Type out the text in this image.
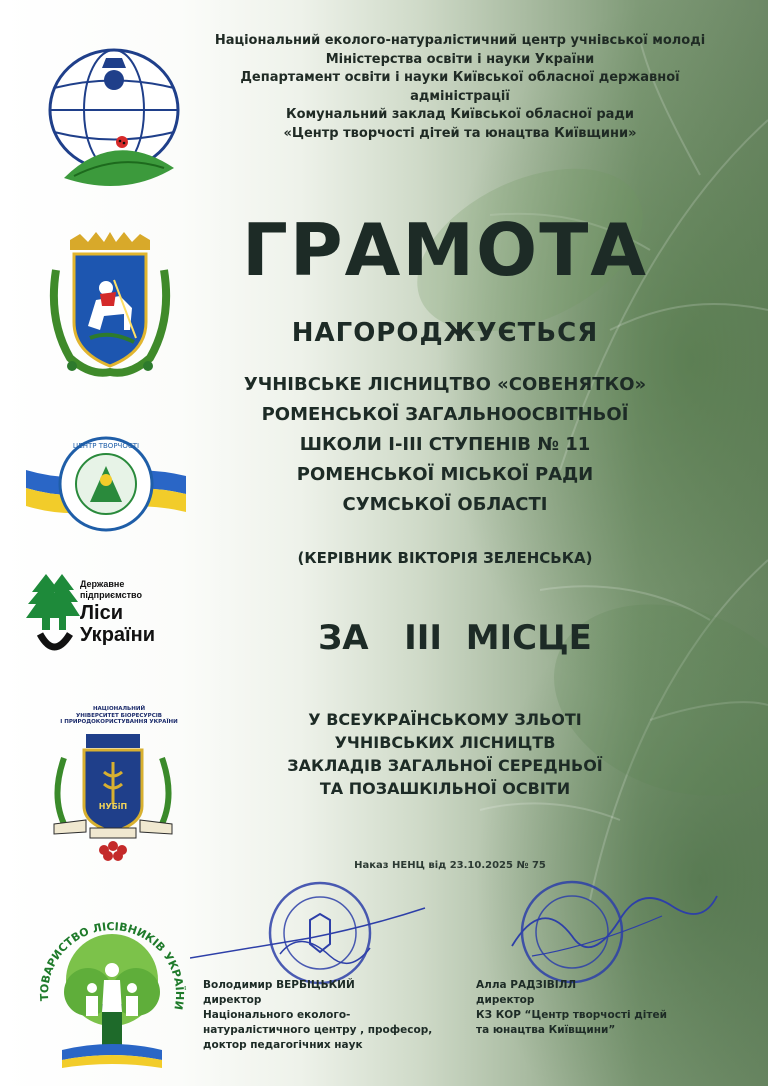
ЦЕНТР ТВОРЧОСТІ
Державне
підприємство
Ліси
України
НАЦІОНАЛЬНИЙ
УНІВЕРСИТЕТ БІОРЕСУРСІВ
І ПРИРОДОКОРИСТУВАННЯ УКРАЇНИ
НУБіП
ТОВАРИСТВО ЛІСІВНИКІВ УКРАЇНИ
Національний еколого-натуралістичний центр учнівської молоді
Міністерства освіти і науки України
Департамент освіти і науки Київської обласної державної адміністрації
Комунальний заклад Київської обласної ради
«Центр творчості дітей та юнацтва Київщини»
ГРАМОТА
НАГОРОДЖУЄТЬСЯ
УЧНІВСЬКЕ ЛІСНИЦТВО «СОВЕНЯТКО»
РОМЕНСЬКОЇ ЗАГАЛЬНООСВІТНЬОЇ
ШКОЛИ І-ІІІ СТУПЕНІВ № 11
РОМЕНСЬКОЇ МІСЬКОЇ РАДИ
СУМСЬКОЇ ОБЛАСТІ
(КЕРІВНИК ВІКТОРІЯ ЗЕЛЕНСЬКА)
ЗА   ІІІ  МІСЦЕ
У ВСЕУКРАЇНСЬКОМУ ЗЛЬОТІ
УЧНІВСЬКИХ ЛІСНИЦТВ
ЗАКЛАДІВ ЗАГАЛЬНОЇ СЕРЕДНЬОЇ
ТА ПОЗАШКІЛЬНОЇ ОСВІТИ
Наказ НЕНЦ від 23.10.2025 № 75
Володимир ВЕРБІЦЬКИЙ
директор
Національного еколого-
натуралістичного центру , професор,
доктор педагогічних наук
Алла РАДЗІВІЛЛ
директор
КЗ КОР “Центр творчості дітей
та юнацтва Київщини”
